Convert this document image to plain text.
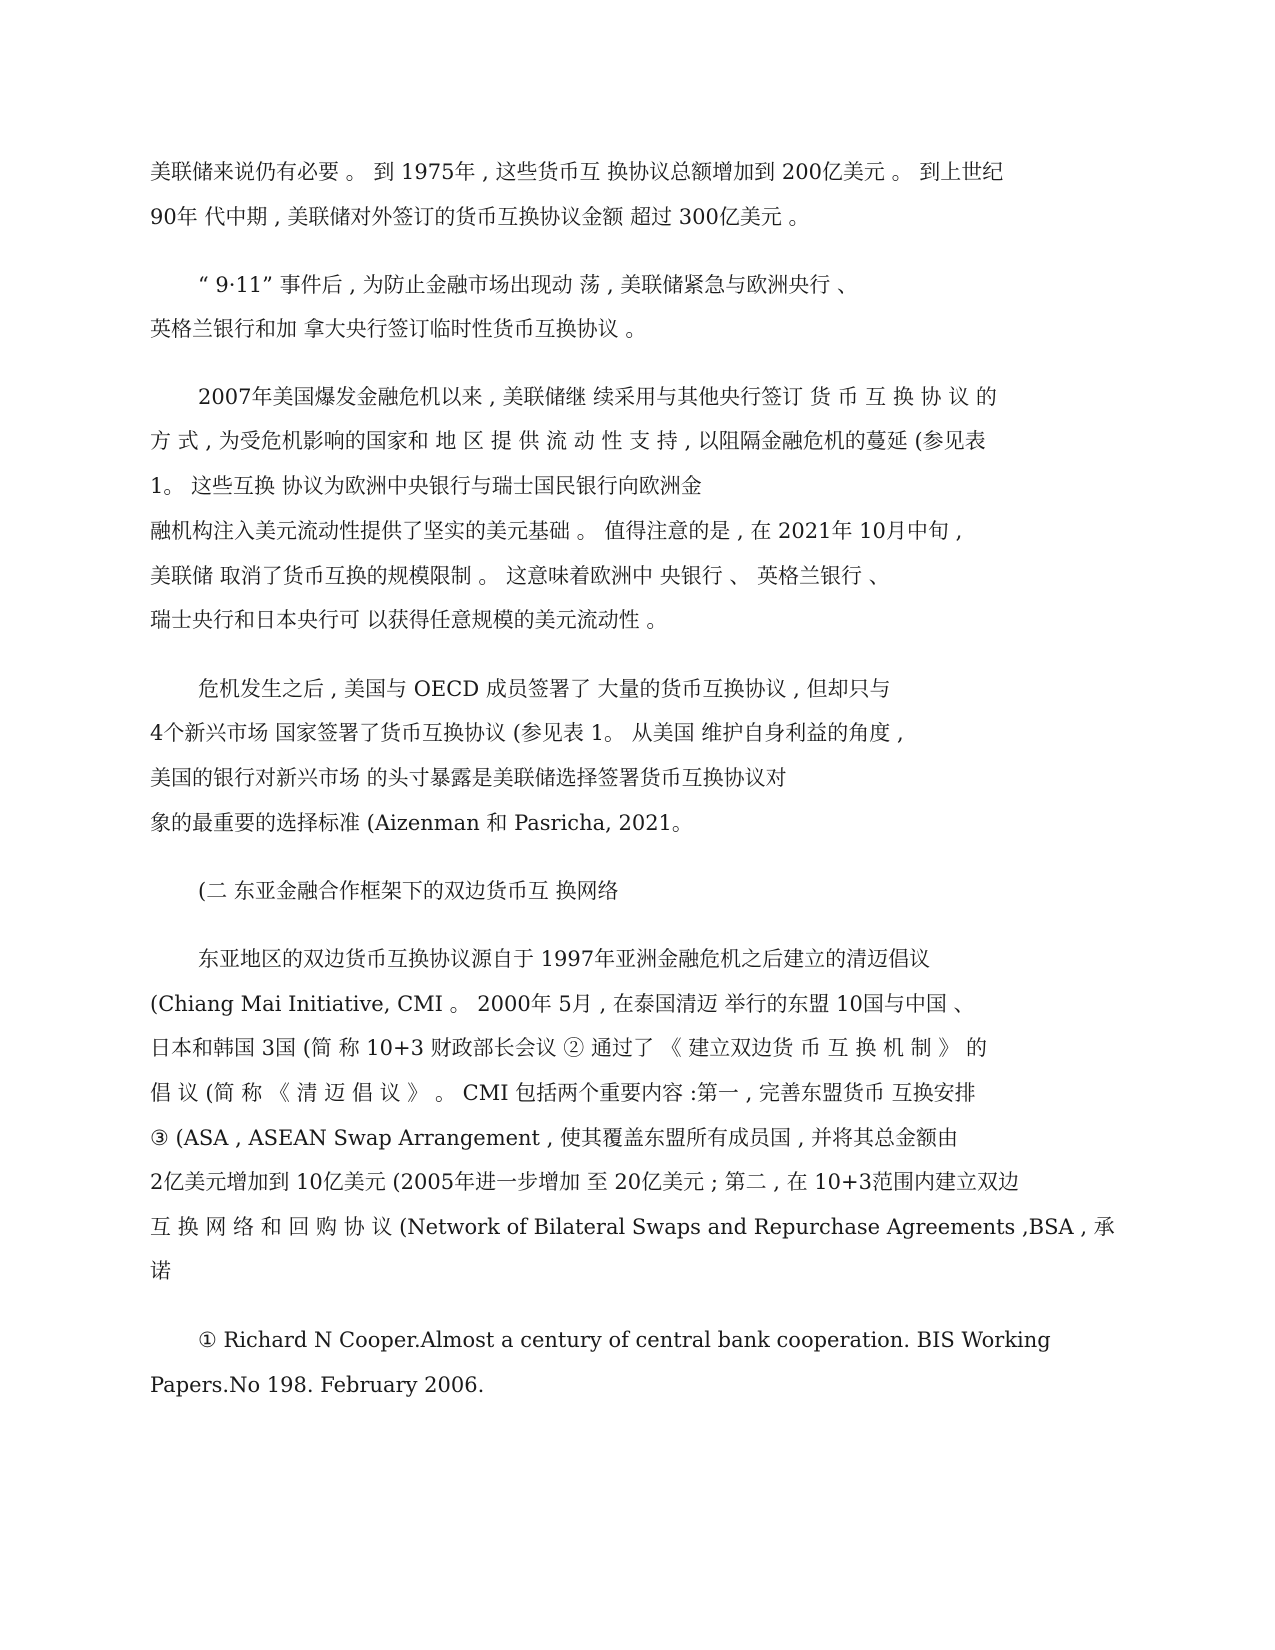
美联储来说仍有必要 。 到 1975年 , 这些货币互 换协议总额增加到 200亿美元 。 到上世纪
90年 代中期 , 美联储对外签订的货币互换协议金额 超过 300亿美元 。
“ 9·11” 事件后 , 为防止金融市场出现动 荡 , 美联储紧急与欧洲央行 、
英格兰银行和加 拿大央行签订临时性货币互换协议 。
2007年美国爆发金融危机以来 , 美联储继 续采用与其他央行签订 货 币 互 换 协 议 的
方 式 , 为受危机影响的国家和 地 区 提 供 流 动 性 支 持 , 以阻隔金融危机的蔓延 (参见表
1。 这些互换 协议为欧洲中央银行与瑞士国民银行向欧洲金
融机构注入美元流动性提供了坚实的美元基础 。 值得注意的是 , 在 2021年 10月中旬 ,
美联储 取消了货币互换的规模限制 。 这意味着欧洲中 央银行 、 英格兰银行 、
瑞士央行和日本央行可 以获得任意规模的美元流动性 。
危机发生之后 , 美国与 OECD 成员签署了 大量的货币互换协议 , 但却只与
4个新兴市场 国家签署了货币互换协议 (参见表 1。 从美国 维护自身利益的角度 ,
美国的银行对新兴市场 的头寸暴露是美联储选择签署货币互换协议对
象的最重要的选择标准 (Aizenman 和 Pasricha, 2021。
(二 东亚金融合作框架下的双边货币互 换网络
东亚地区的双边货币互换协议源自于 1997年亚洲金融危机之后建立的清迈倡议
(Chiang Mai Initiative, CMI 。 2000年 5月 , 在泰国清迈 举行的东盟 10国与中国 、
日本和韩国 3国 (简 称 10+3 财政部长会议 ② 通过了 《 建立双边货 币 互 换 机 制 》 的
倡 议 (简 称 《 清 迈 倡 议 》 。 CMI 包括两个重要内容 :第一 , 完善东盟货币 互换安排
③ (ASA , ASEAN Swap Arrangement , 使其覆盖东盟所有成员国 , 并将其总金额由
2亿美元增加到 10亿美元 (2005年进一步增加 至 20亿美元 ; 第二 , 在 10+3范围内建立双边
互 换 网 络 和 回 购 协 议 (Network of Bilateral Swaps and Repurchase Agreements ,BSA , 承
诺
① Richard N Cooper.Almost a century of central bank cooperation. BIS Working
Papers.No 198. February 2006.
